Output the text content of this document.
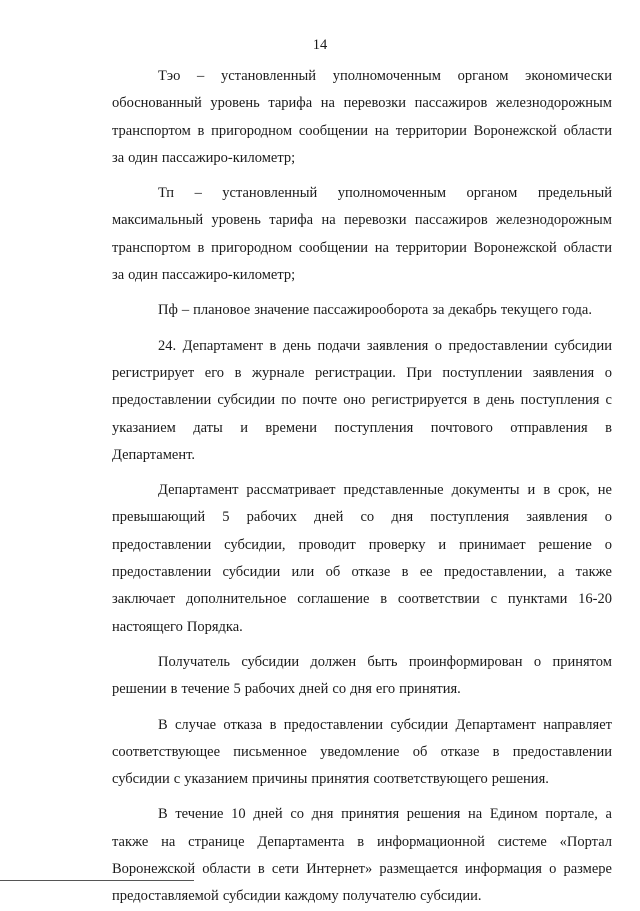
14
Тэо – установленный уполномоченным органом экономически
обоснованный уровень тарифа на перевозки пассажиров железнодорожным
транспортом в пригородном сообщении на территории Воронежской области
за один пассажиро-километр;
Тп – установленный уполномоченным органом предельный
максимальный уровень тарифа на перевозки пассажиров железнодорожным
транспортом в пригородном сообщении на территории Воронежской области
за один пассажиро-километр;
Пф – плановое значение пассажирооборота за декабрь текущего года.
24. Департамент в день подачи заявления о предоставлении субсидии
регистрирует его в журнале регистрации. При поступлении заявления о
предоставлении субсидии по почте оно регистрируется в день поступления с
указанием даты и времени поступления почтового отправления в
Департамент.
Департамент рассматривает представленные документы и в срок, не
превышающий 5 рабочих дней со дня поступления заявления о
предоставлении субсидии, проводит проверку и принимает решение о
предоставлении субсидии или об отказе в ее предоставлении, а также
заключает дополнительное соглашение в соответствии с пунктами 16-20
настоящего Порядка.
Получатель субсидии должен быть проинформирован о принятом
решении в течение 5 рабочих дней со дня его принятия.
В случае отказа в предоставлении субсидии Департамент направляет
соответствующее письменное уведомление об отказе в предоставлении
субсидии с указанием причины принятия соответствующего решения.
В течение 10 дней со дня принятия решения на Едином портале, а
также на странице Департамента в информационной системе «Портал
Воронежской области в сети Интернет» размещается информация о размере
предоставляемой субсидии каждому получателю субсидии.
